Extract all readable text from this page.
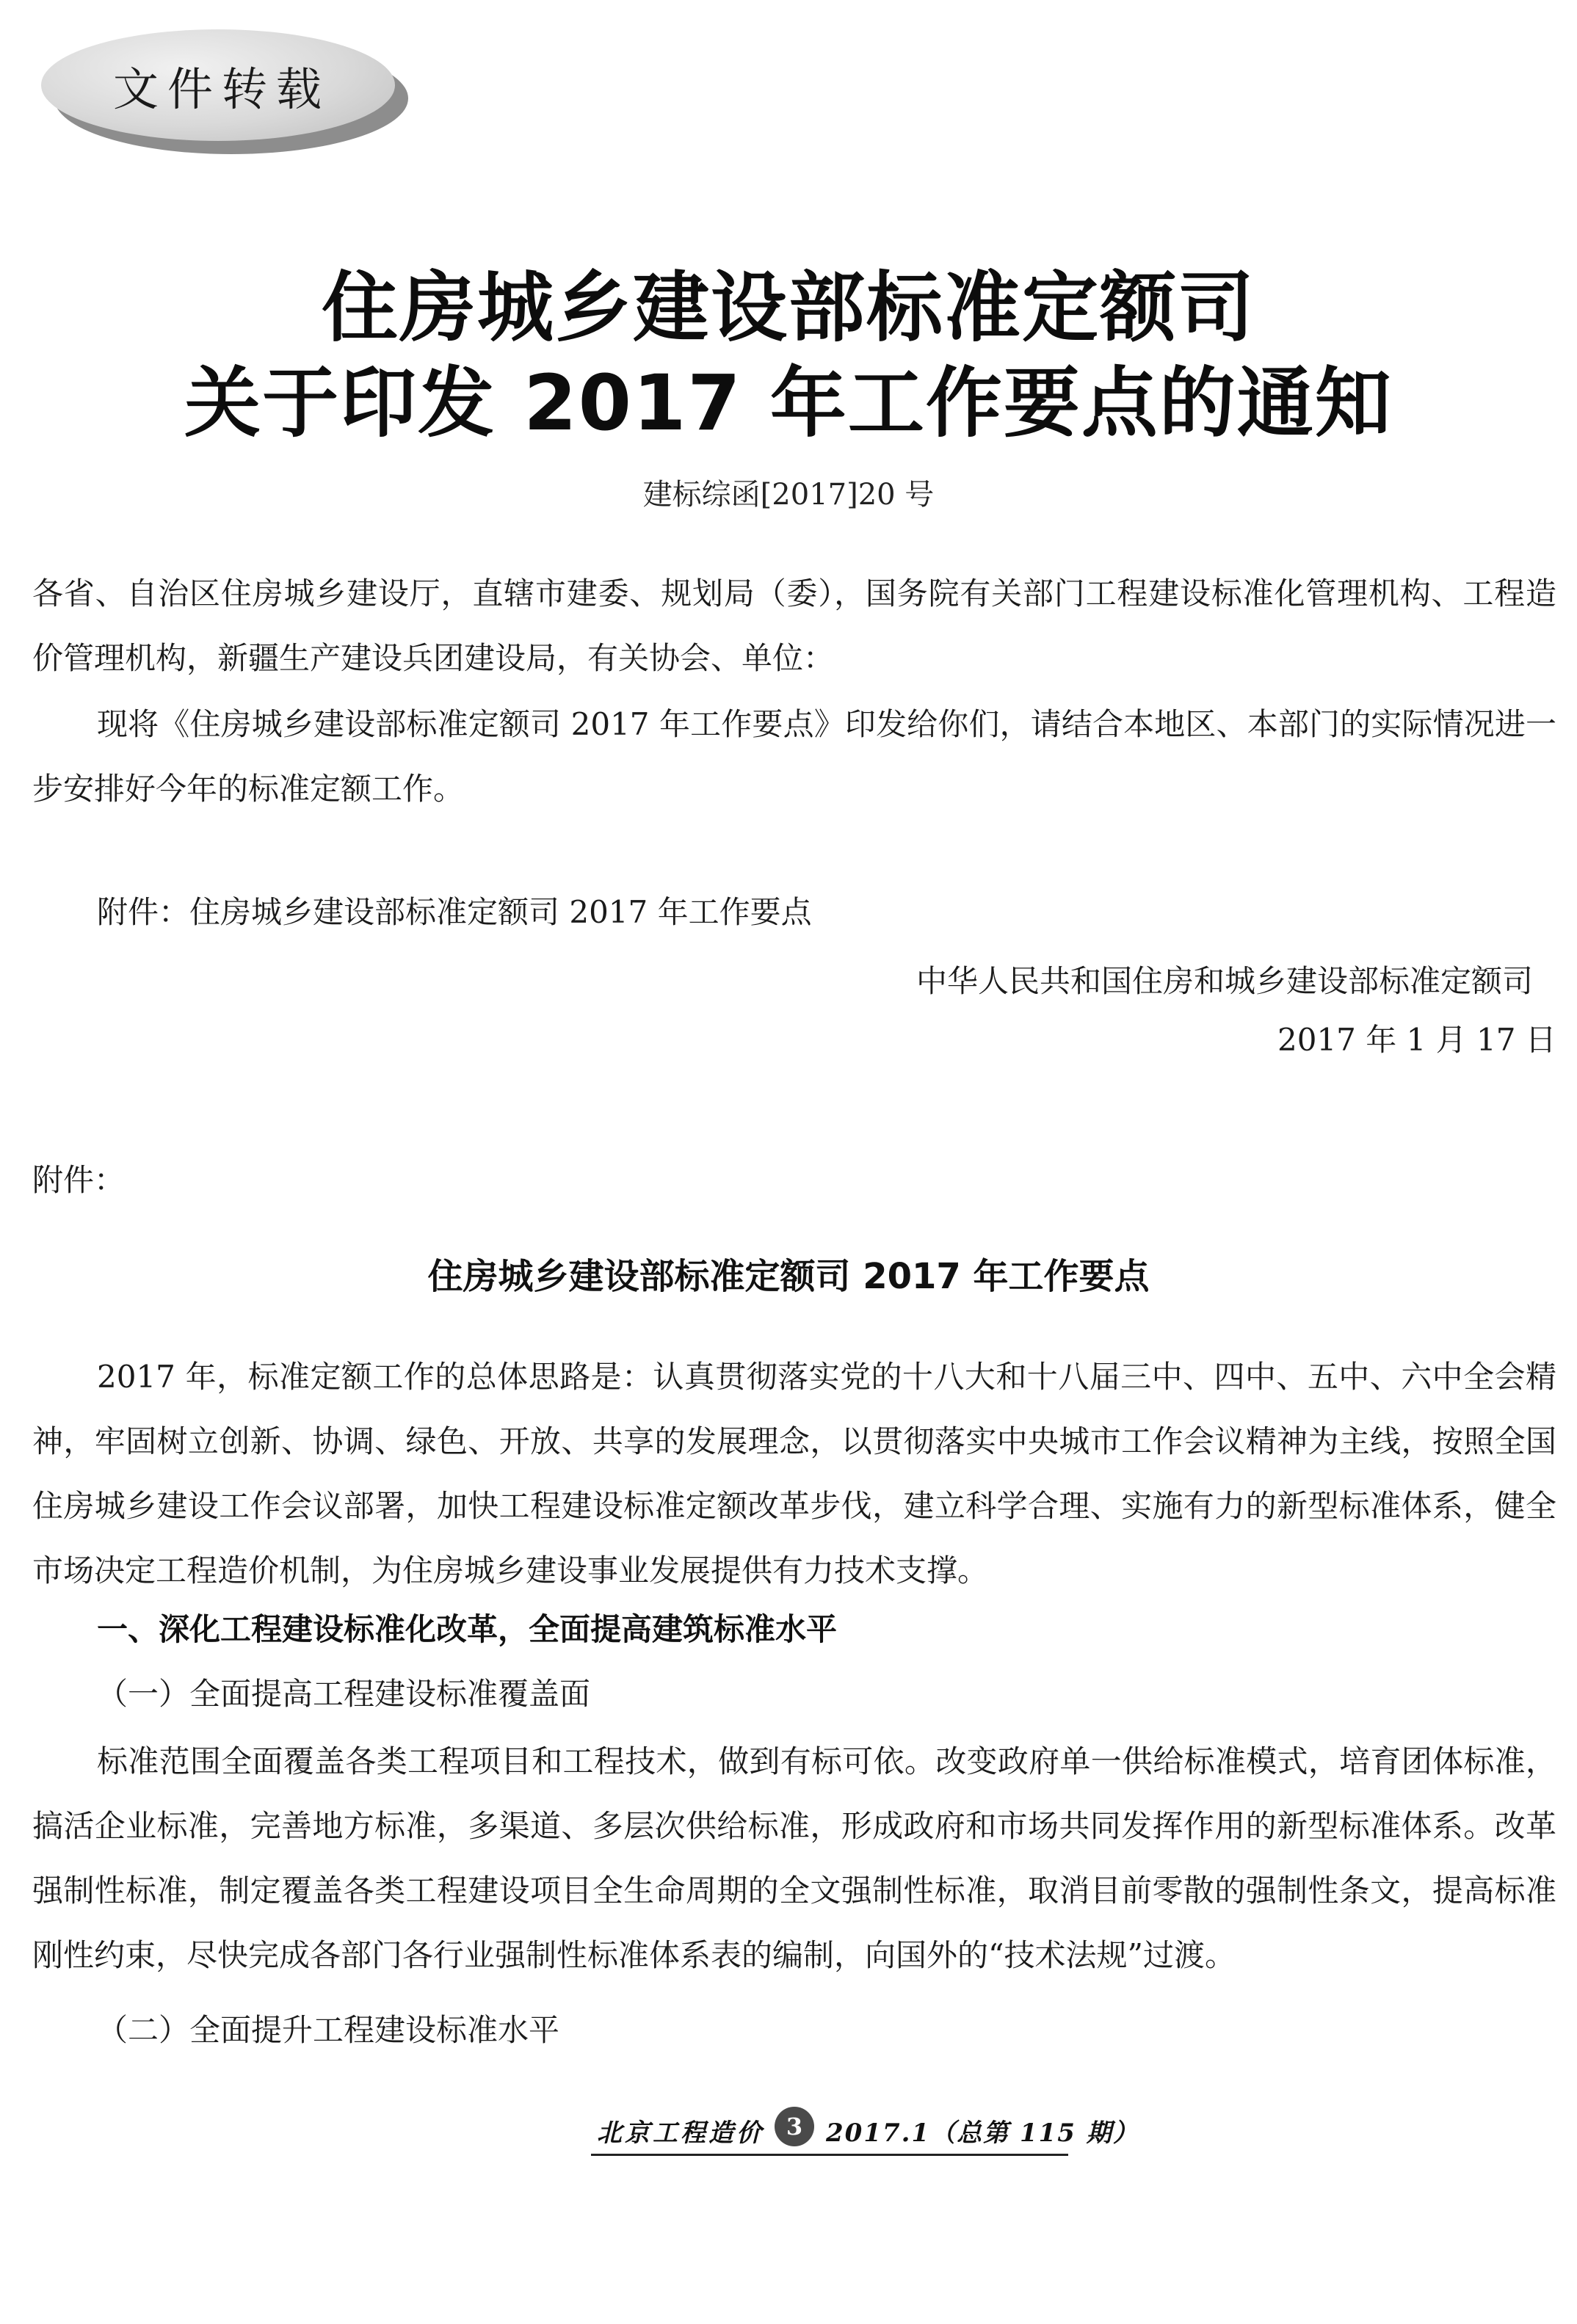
文件转载
住房城乡建设部标准定额司
关于印发 2017 年工作要点的通知
建标综函[2017]20 号

各省、自治区住房城乡建设厅，直辖市建委、规划局（委），国务院有关部门工程建设标准化管理机构、工程造价管理机构，新疆生产建设兵团建设局，有关协会、单位：

现将《住房城乡建设部标准定额司 2017 年工作要点》印发给你们，请结合本地区、本部门的实际情况进一步安排好今年的标准定额工作。

附件：住房城乡建设部标准定额司 2017 年工作要点
中华人民共和国住房和城乡建设部标准定额司
2017 年 1 月 17 日
附件：
住房城乡建设部标准定额司 2017 年工作要点

2017 年，标准定额工作的总体思路是：认真贯彻落实党的十八大和十八届三中、四中、五中、六中全会精神，牢固树立创新、协调、绿色、开放、共享的发展理念，以贯彻落实中央城市工作会议精神为主线，按照全国住房城乡建设工作会议部署，加快工程建设标准定额改革步伐，建立科学合理、实施有力的新型标准体系，健全市场决定工程造价机制，为住房城乡建设事业发展提供有力技术支撑。

一、深化工程建设标准化改革，全面提高建筑标准水平
（一）全面提高工程建设标准覆盖面

标准范围全面覆盖各类工程项目和工程技术，做到有标可依。改变政府单一供给标准模式，培育团体标准，搞活企业标准，完善地方标准，多渠道、多层次供给标准，形成政府和市场共同发挥作用的新型标准体系。改革强制性标准，制定覆盖各类工程建设项目全生命周期的全文强制性标准，取消目前零散的强制性条文，提高标准刚性约束，尽快完成各部门各行业强制性标准体系表的编制，向国外的“技术法规”过渡。

（二）全面提升工程建设标准水平
北京工程造价 3 2017.1（总第 115 期）
